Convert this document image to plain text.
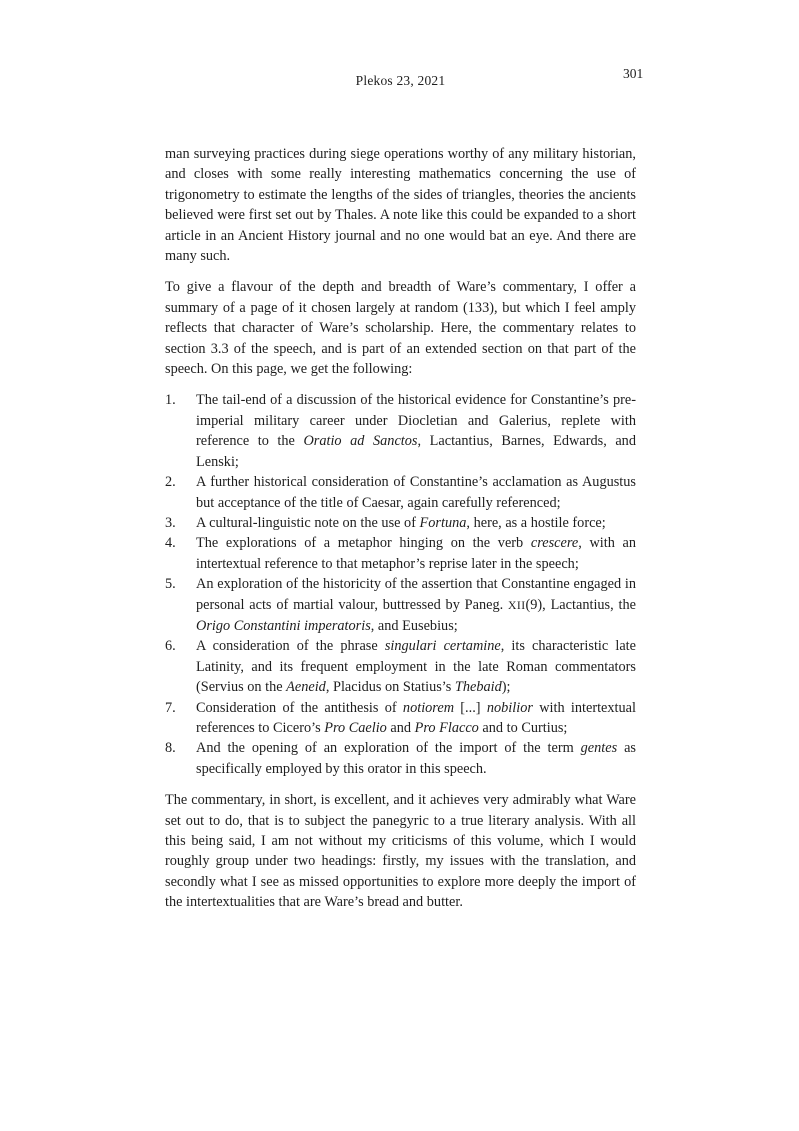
Plekos 23, 2021	301

man surveying practices during siege operations worthy of any military historian, and closes with some really interesting mathematics concerning the use of trigonometry to estimate the lengths of the sides of triangles, theories the ancients believed were first set out by Thales. A note like this could be expanded to a short article in an Ancient History journal and no one would bat an eye. And there are many such.

To give a flavour of the depth and breadth of Ware’s commentary, I offer a summary of a page of it chosen largely at random (133), but which I feel amply reflects that character of Ware’s scholarship. Here, the commentary relates to section 3.3 of the speech, and is part of an extended section on that part of the speech. On this page, we get the following:

1.	The tail-end of a discussion of the historical evidence for Constantine’s pre-imperial military career under Diocletian and Galerius, replete with reference to the Oratio ad Sanctos, Lactantius, Barnes, Edwards, and Lenski;
2.	A further historical consideration of Constantine’s acclamation as Augustus but acceptance of the title of Caesar, again carefully referenced;
3.	A cultural-linguistic note on the use of Fortuna, here, as a hostile force;
4.	The explorations of a metaphor hinging on the verb crescere, with an intertextual reference to that metaphor’s reprise later in the speech;
5.	An exploration of the historicity of the assertion that Constantine engaged in personal acts of martial valour, buttressed by Paneg. XII(9), Lactantius, the Origo Constantini imperatoris, and Eusebius;
6.	A consideration of the phrase singulari certamine, its characteristic late Latinity, and its frequent employment in the late Roman commentators (Servius on the Aeneid, Placidus on Statius’s Thebaid);
7.	Consideration of the antithesis of notiorem [...] nobilior with intertextual references to Cicero’s Pro Caelio and Pro Flacco and to Curtius;
8.	And the opening of an exploration of the import of the term gentes as specifically employed by this orator in this speech.

The commentary, in short, is excellent, and it achieves very admirably what Ware set out to do, that is to subject the panegyric to a true literary analysis. With all this being said, I am not without my criticisms of this volume, which I would roughly group under two headings: firstly, my issues with the translation, and secondly what I see as missed opportunities to explore more deeply the import of the intertextualities that are Ware’s bread and butter.
